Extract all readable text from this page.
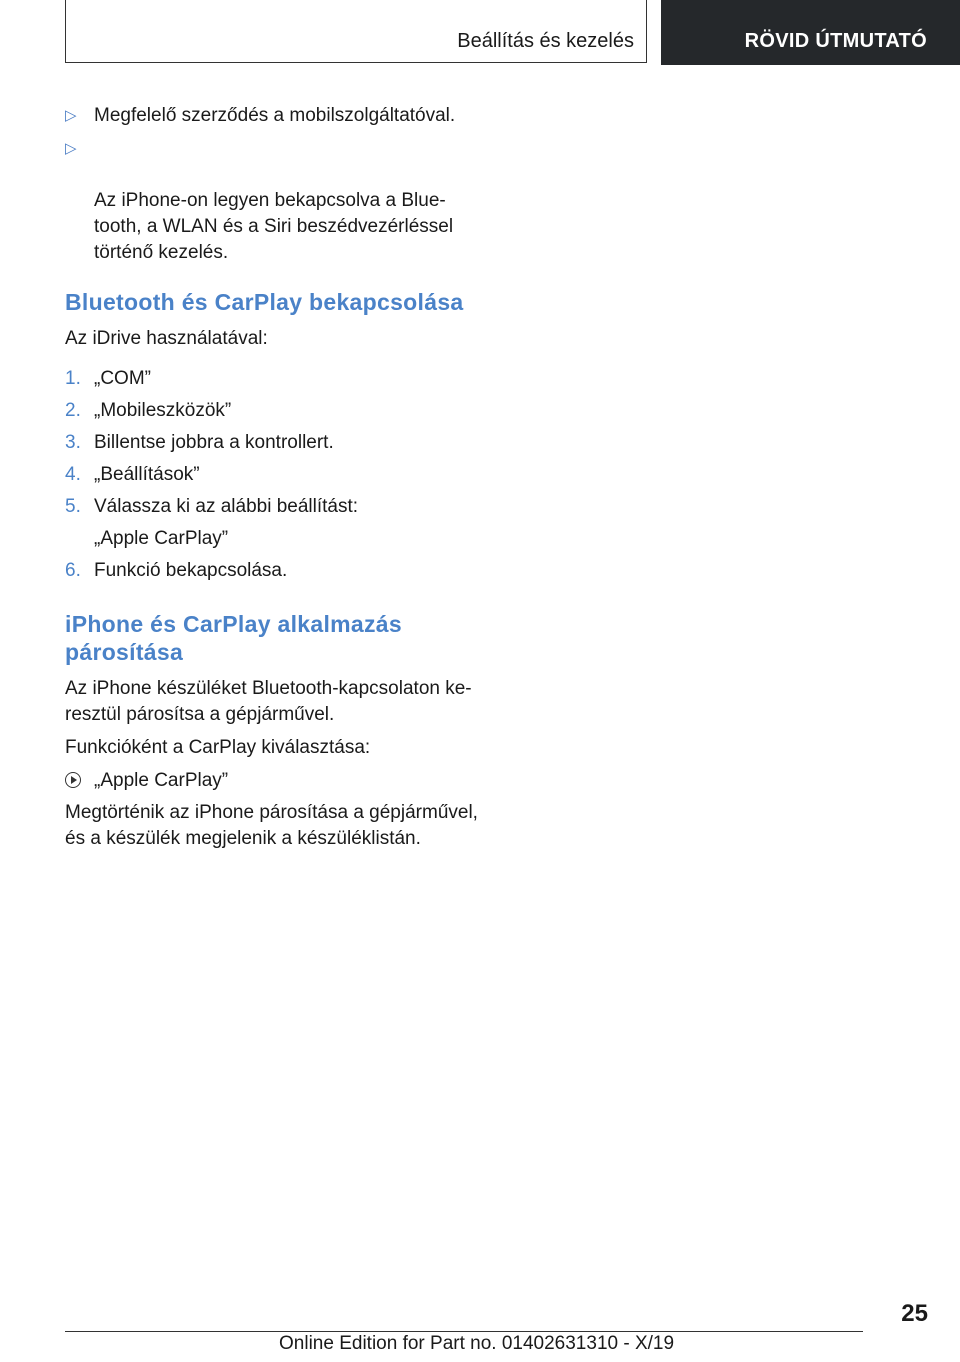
Beállítás és kezelés	RÖVID ÚTMUTATÓ
▷ Megfelelő szerződés a mobilszolgáltatóval.

▷

Az iPhone-on legyen bekapcsolva a Blue-
tooth, a WLAN és a Siri beszédvezérléssel
történő kezelés.

Bluetooth és CarPlay bekapcsolása

Az iDrive használatával:

1. „COM”
2. „Mobileszközök”
3. Billentse jobbra a kontrollert.
4. „Beállítások”
5. Válassza ki az alábbi beállítást:
„Apple CarPlay”
6. Funkció bekapcsolása.
iPhone és CarPlay alkalmazás
párosítása

Az iPhone készüléket Bluetooth-kapcsolaton ke-
resztül párosítsa a gépjárművel.

Funkcióként a CarPlay kiválasztása:

„Apple CarPlay”

Megtörténik az iPhone párosítása a gépjárművel,
és a készülék megjelenik a készüléklistán.

25
Online Edition for Part no. 01402631310 - X/19
